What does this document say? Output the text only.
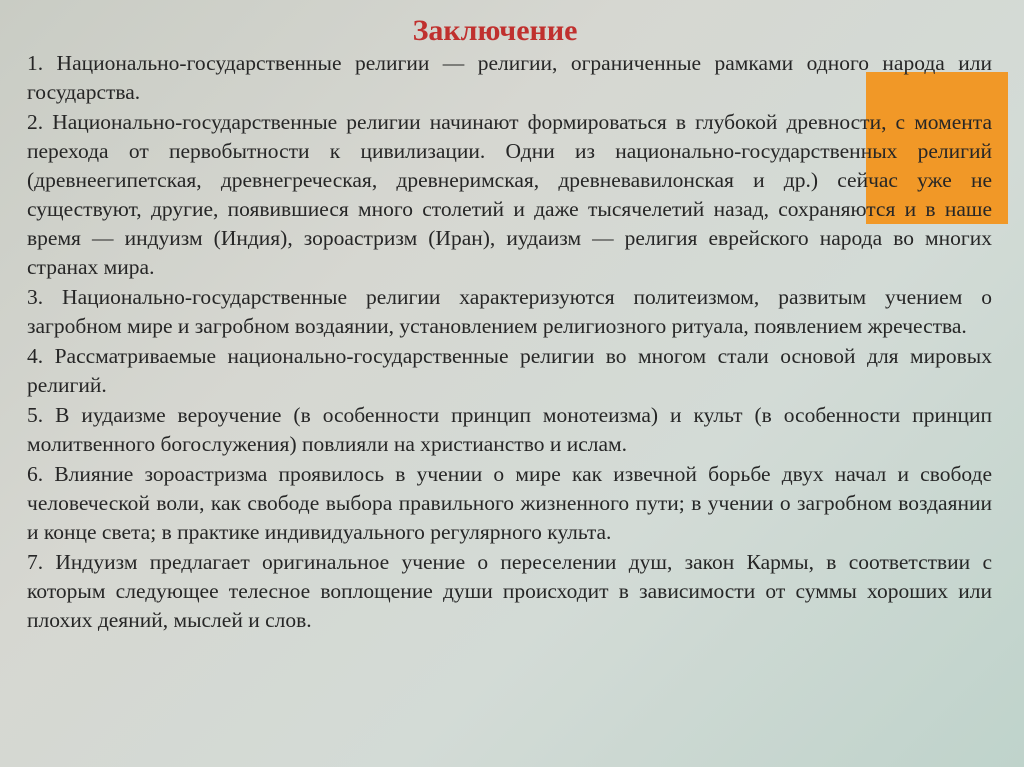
Заключение
1. Национально-государственные религии — религии, ограниченные рамками одного народа или государства.
2. Национально-государственные религии начинают формироваться в глубокой древности, с момента перехода от первобытности к цивилизации. Одни из национально-государственных религий (древнеегипетская, древнегреческая, древнеримская, древневавилонская и др.) сейчас уже не существуют, другие, появившиеся много столетий и даже тысячелетий назад, сохраняются и в наше время — индуизм (Индия), зороастризм (Иран), иудаизм — религия еврейского народа во многих странах мира.
3. Национально-государственные религии характеризуются политеизмом, развитым учением о загробном мире и загробном воздаянии, установлением религиозного ритуала, появлением жречества.
4. Рассматриваемые национально-государственные религии во многом стали основой для мировых религий.
5. В иудаизме вероучение (в особенности принцип монотеизма) и культ (в особенности принцип молитвенного богослужения) повлияли на христианство и ислам.
6. Влияние зороастризма проявилось в учении о мире как извечной борьбе двух начал и свободе человеческой воли, как свободе выбора правильного жизненного пути; в учении о загробном воздаянии и конце света; в практике индивидуального регулярного культа.
7. Индуизм предлагает оригинальное учение о переселении душ, закон Кармы, в соответствии с которым следующее телесное воплощение души происходит в зависимости от суммы хороших или плохих деяний, мыслей и слов.
